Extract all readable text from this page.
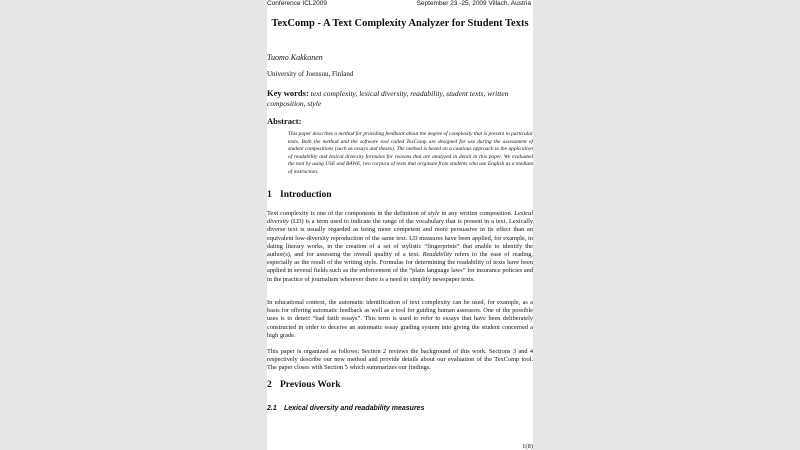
Conference ICL2009	September 23 -25, 2009 Villach, Austria
TexComp - A Text Complexity Analyzer for Student Texts
Tuomo Kakkonen
University of Joensuu, Finland
Key words: text complexity, lexical diversity, readability, student texts, written composition, style
Abstract:
This paper describes a method for providing feedback about the degree of complexity that is present in particular texts. Both the method and the software tool called TexComp are designed for use during the assessment of student compositions (such as essays and theses). The method is based on a cautious approach to the application of readability and lexical diversity formulas for reasons that are analyzed in detail in this paper. We evaluated the tool by using USE and BAWE, two corpora of texts that originate from students who use English as a medium of instruction.
1 Introduction
Text complexity is one of the components in the definition of style in any written composition. Lexical diversity (LD) is a term used to indicate the range of the vocabulary that is present in a text. Lexically diverse text is usually regarded as being more competent and more persuasive in its effect than an equivalent low-diversity reproduction of the same text. LD measures have been applied, for example, in dating literary works, in the creation of a set of stylistic “fingerprints” that enable to identify the author(s), and for assessing the overall quality of a text. Readability refers to the ease of reading, especially as the result of the writing style. Formulas for determining the readability of texts have been applied in several fields such as the enforcement of the “plain language laws” for insurance policies and in the practice of journalism wherever there is a need to simplify newspaper texts.
In educational context, the automatic identification of text complexity can be used, for example, as a basis for offering automatic feedback as well as a tool for guiding human assessors. One of the possible uses is to detect “bad faith essays”. This term is used to refer to essays that have been deliberately constructed in order to deceive an automatic essay grading system into giving the student concerned a high grade.
This paper is organized as follows: Section 2 reviews the background of this work. Sections 3 and 4 respectively describe our new method and provide details about our evaluation of the TexComp tool. The paper closes with Section 5 which summarizes our findings.
2 Previous Work
2.1 Lexical diversity and readability measures
1(8)
